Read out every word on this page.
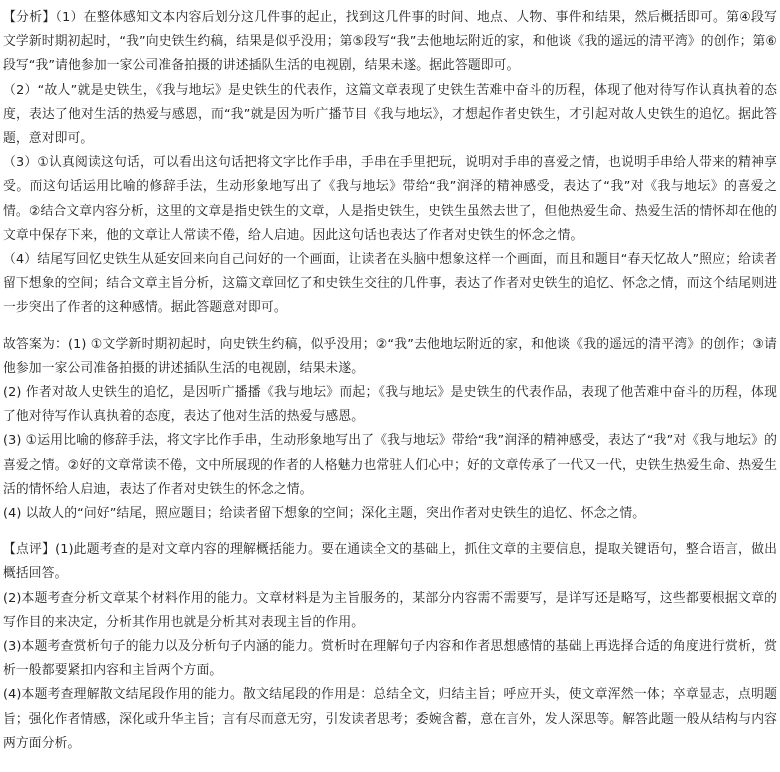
【分析】（1）在整体感知文本内容后划分这几件事的起止，找到这几件事的时间、地点、人物、事件和结果，然后概括即可。第④段写文学新时期初起时，“我”向史铁生约稿，结果是似乎没用；第⑤段写“我”去他地坛附近的家，和他谈《我的遥远的清平湾》的创作；第⑥段写“我”请他参加一家公司准备拍摄的讲述插队生活的电视剧，结果未遂。据此答题即可。

（2）“故人”就是史铁生，《我与地坛》是史铁生的代表作，这篇文章表现了史铁生苦难中奋斗的历程，体现了他对待写作认真执着的态度，表达了他对生活的热爱与感恩，而“我”就是因为听广播节目《我与地坛》，才想起作者史铁生，才引起对故人史铁生的追忆。据此答题，意对即可。

（3）①认真阅读这句话，可以看出这句话把将文字比作手串，手串在手里把玩，说明对手串的喜爱之情，也说明手串给人带来的精神享受。而这句话运用比喻的修辞手法，生动形象地写出了《我与地坛》带给“我”润泽的精神感受，表达了“我”对《我与地坛》的喜爱之情。②结合文章内容分析，这里的文章是指史铁生的文章，人是指史铁生，史铁生虽然去世了，但他热爱生命、热爱生活的情怀却在他的文章中保存下来，他的文章让人常读不倦，给人启迪。因此这句话也表达了作者对史铁生的怀念之情。

（4）结尾写回忆史铁生从延安回来向自己问好的一个画面，让读者在头脑中想象这样一个画面，而且和题目“春天忆故人”照应；给读者留下想象的空间；结合文章主旨分析，这篇文章回忆了和史铁生交往的几件事，表达了作者对史铁生的追忆、怀念之情，而这个结尾则进一步突出了作者的这种感情。据此答题意对即可。

故答案为：(1) ①文学新时期初起时，向史铁生约稿，似乎没用；②“我”去他地坛附近的家，和他谈《我的遥远的清平湾》的创作；③请他参加一家公司准备拍摄的讲述插队生活的电视剧，结果未遂。

(2) 作者对故人史铁生的追忆，是因听广播播《我与地坛》而起；《我与地坛》是史铁生的代表作品，表现了他苦难中奋斗的历程，体现了他对待写作认真执着的态度，表达了他对生活的热爱与感恩。

(3) ①运用比喻的修辞手法，将文字比作手串，生动形象地写出了《我与地坛》带给“我”润泽的精神感受，表达了“我”对《我与地坛》的喜爱之情。②好的文章常读不倦，文中所展现的作者的人格魅力也常驻人们心中；好的文章传承了一代又一代，史铁生热爱生命、热爱生活的情怀给人启迪，表达了作者对史铁生的怀念之情。

(4) 以故人的“问好”结尾，照应题目；给读者留下想象的空间；深化主题，突出作者对史铁生的追忆、怀念之情。

【点评】(1)此题考查的是对文章内容的理解概括能力。要在通读全文的基础上，抓住文章的主要信息，提取关键语句，整合语言，做出概括回答。

(2)本题考查分析文章某个材料作用的能力。文章材料是为主旨服务的，某部分内容需不需要写，是详写还是略写，这些都要根据文章的写作目的来决定，分析其作用也就是分析其对表现主旨的作用。

(3)本题考查赏析句子的能力以及分析句子内涵的能力。赏析时在理解句子内容和作者思想感情的基础上再选择合适的角度进行赏析，赏析一般都要紧扣内容和主旨两个方面。

(4)本题考查理解散文结尾段作用的能力。散文结尾段的作用是：总结全文，归结主旨；呼应开头，使文章浑然一体；卒章显志，点明题旨；强化作者情感，深化或升华主旨；言有尽而意无穷，引发读者思考；委婉含蓄，意在言外，发人深思等。解答此题一般从结构与内容两方面分析。
